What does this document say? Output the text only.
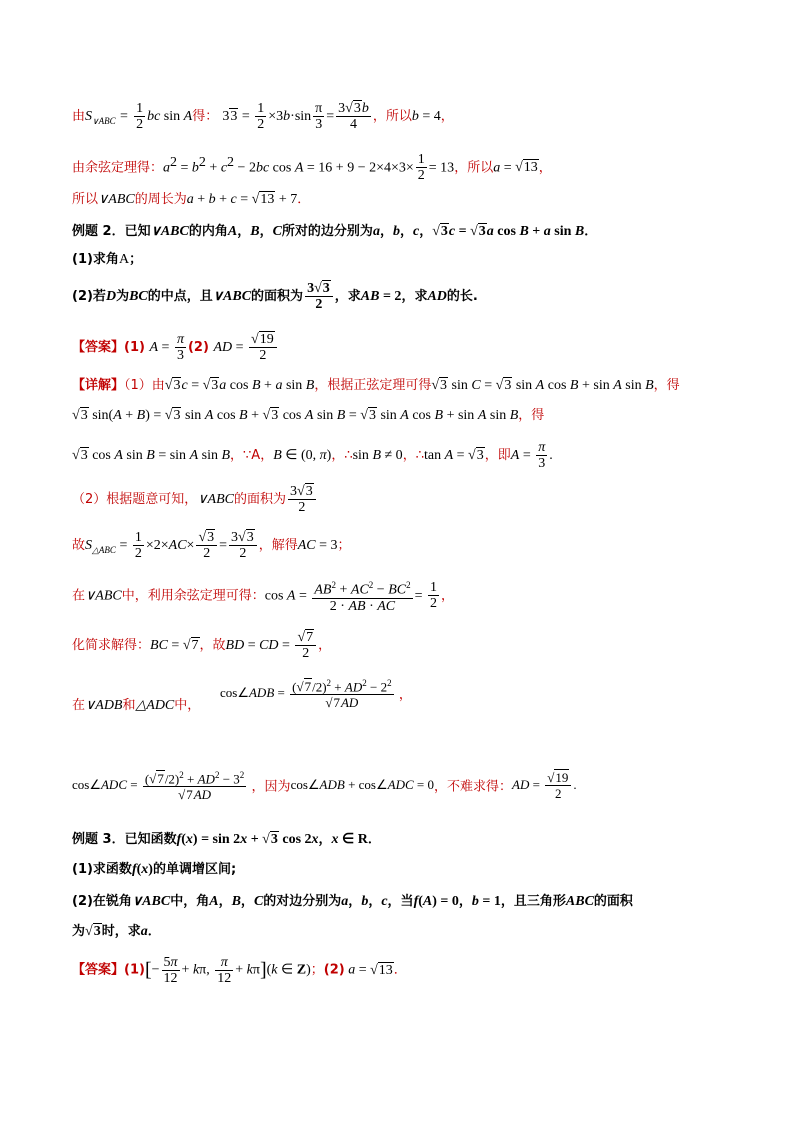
由$S_{\vee ABC} = \frac{1}{2}$ bc sin A得： $33 = \frac{1}{2} \times 3b\cdot\sin \frac{\pi}{3} = \frac{3 √ 3b}{4}$ ，所以b = 4，
由余弦定理得：$a^2 = b^2 + c^2 - 2bc$ $\cos A = 16 + 9 - 2\times 4\times 3\times \frac{1}{2} = 13$，所以a = √ 13，
所以∨ABC的周长为a + b + c = √ 13 + 7．
例题 2．已知∨ABC的内角A，B，C所对的边分别为a，b，c， √ 3c = √ 3a cos B + a sin B．
(1)求角A；
(2)若D为BC的中点，且∨ABC的面积为 $\frac{3 √ 3}{2}$ ，求AB = 2，求AD的长.
【答案】(1) $A = \frac{\pi}{3} (2)$ AD = √ $\frac{19}{2}$
【详解】（1）由 √ 3c = √ 3a cos B + a sin B，根据正弦定理可得 √ 3 sin C = √ 3 sin A cos B + sin A sin B，得
√ 3 sin(A + B) = √ 3 sin A cos B + √ 3 cos A sin B = √ 3 sin A cos B + sin A sin B，得
√ 3 cos A sin B = sin A sin B，∵A，B ∈ (0, π)，∴sin B ≠ 0，∴tan A = √ 3，即$A = \frac{\pi}{3}$ .
（2）根据题意可知，∨ABC的面积为 $\frac{3 √ 3}{2}$
故$S_{\triangle ABC} = \frac{1}{2} \times 2\times AC\times$ √ $\frac{3}{2} = \frac{3 √ 3}{2}$ ，解得AC = 3；
在∨ABC中，利用余弦定理可得：$\cos A = \frac{AB^2 + AC^2 - BC^2}{2 \cdot AB \cdot AC} = \frac{1}{2}$ ，
化简求解得：BC = √ 7，故BD = CD = √ $\frac{7}{2}$ ，
在∨ADB和△ADC中，
cos∠ADB = ( √ $7/2)^2 + AD^2 - 2^2$
√ 7AD ，
cos∠ADC = ( √ $7/2)^2 + AD^2 - 3^2$
√ 7AD ，因为cos∠ADB + cos∠ADC = 0，不难求得：AD = √ $\frac{19}{2}$ .
例题 3．已知函数f(x) = sin 2x + √ 3 cos 2x，x ∈ R．
(1)求函数f(x)的单调增区间;
(2)在锐角∨ABC中，角A，B，C的对边分别为a，b，c，当f(A) = 0，b = 1，且三角形ABC的面积
为 √ 3时，求a．
【答案】$(1)[- \frac{5\pi}{12} + k\pi$, $\frac{\pi}{12} + k\pi](k$ ∈ Z)；(2) a = √ 13．
